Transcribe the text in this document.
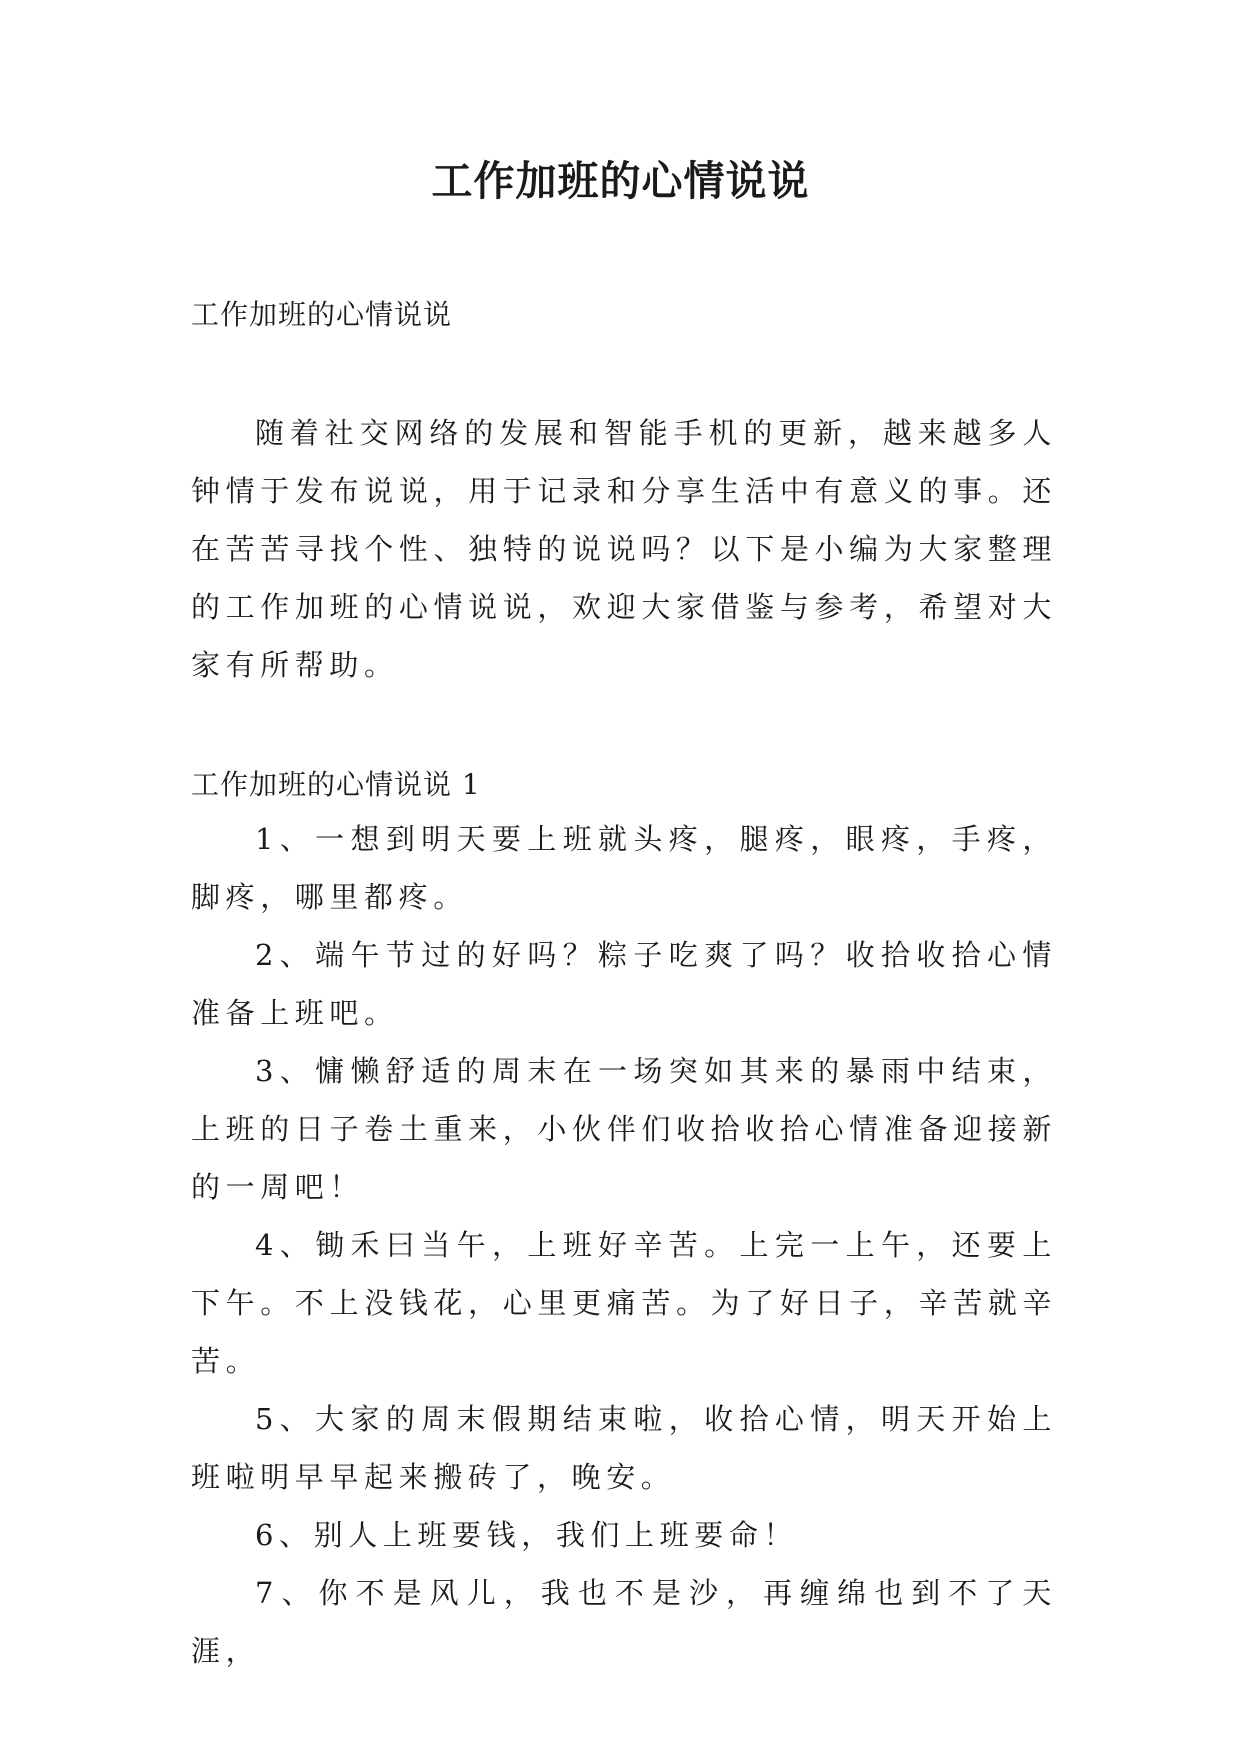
工作加班的心情说说

工作加班的心情说说

随着社交网络的发展和智能手机的更新，越来越多人钟情于发布说说，用于记录和分享生活中有意义的事。还在苦苦寻找个性、独特的说说吗？以下是小编为大家整理的工作加班的心情说说，欢迎大家借鉴与参考，希望对大家有所帮助。

工作加班的心情说说 1

1、一想到明天要上班就头疼，腿疼，眼疼，手疼，脚疼，哪里都疼。

2、端午节过的好吗？粽子吃爽了吗？收拾收拾心情准备上班吧。

3、慵懒舒适的周末在一场突如其来的暴雨中结束，上班的日子卷土重来，小伙伴们收拾收拾心情准备迎接新的一周吧！

4、锄禾曰当午，上班好辛苦。上完一上午，还要上下午。不上没钱花，心里更痛苦。为了好日子，辛苦就辛苦。

5、大家的周末假期结束啦，收拾心情，明天开始上班啦明早早起来搬砖了，晚安。

6、别人上班要钱，我们上班要命！

7、你不是风儿，我也不是沙，再缠绵也到不了天涯，
